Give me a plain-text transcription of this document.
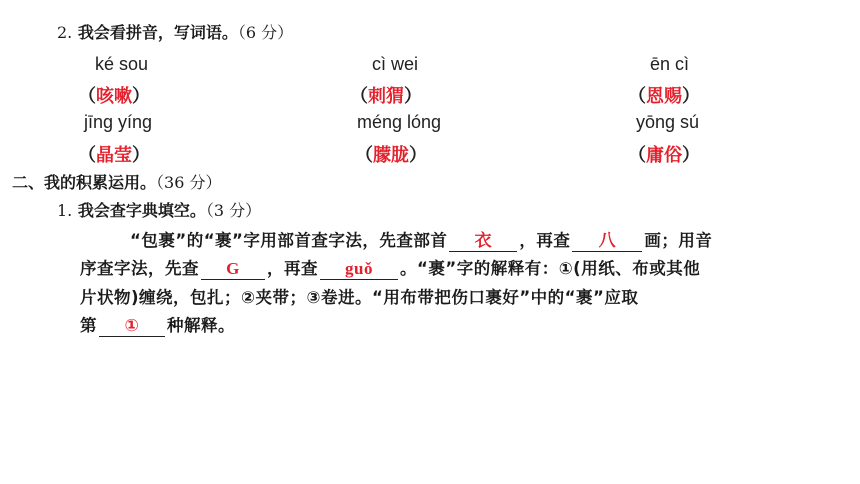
2. 我会看拼音，写词语。（6 分）
ké sou	cì wei	ēn cì
（咳嗽）	（刺猬）	（恩赐）
jīng yíng	méng lóng	yōng sú
（晶莹）	（朦胧）	（庸俗）
二、我的积累运用。（36 分）
1. 我会查字典填空。（3 分）
“包裹”的“裹”字用部首查字法，先查部首 衣 ，再查 八 画；用音
序查字法，先查 G ，再查 guǒ 。“裹”字的解释有：①(用纸、布或其他
片状物)缠绕，包扎；②夹带；③卷进。“用布带把伤口裹好”中的“裹”应取
第 ① 种解释。
